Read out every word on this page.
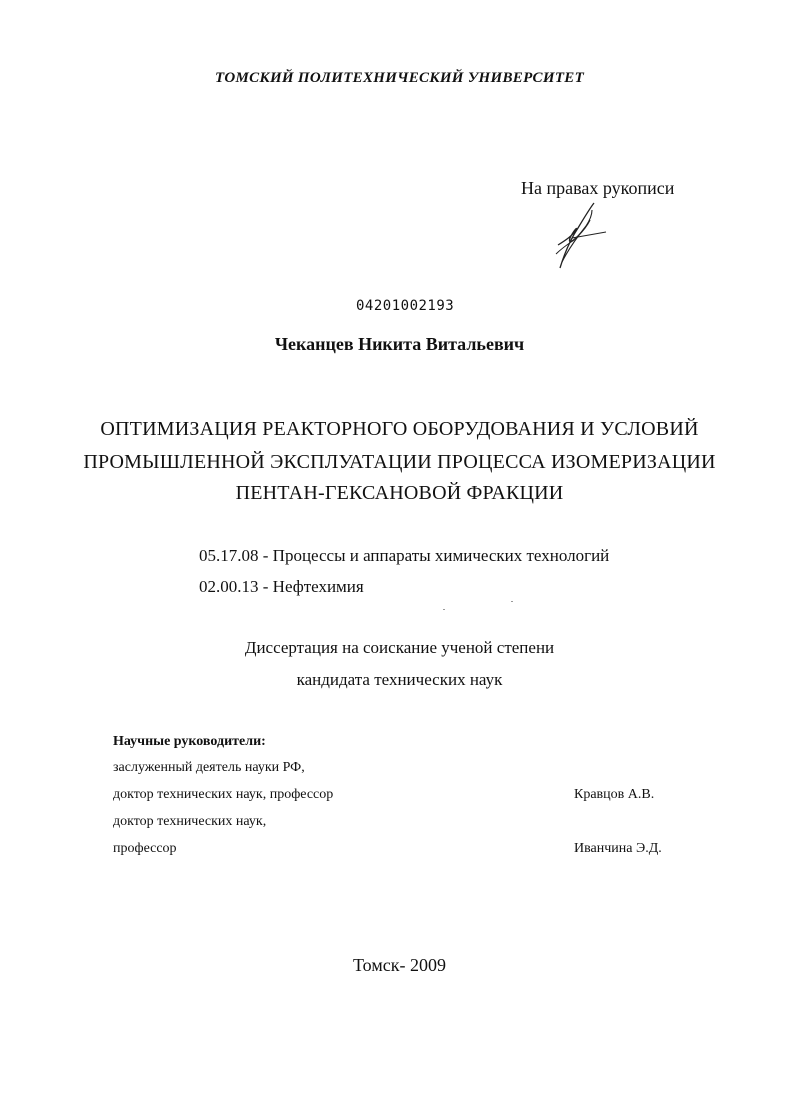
ТОМСКИЙ ПОЛИТЕХНИЧЕСКИЙ УНИВЕРСИТЕТ
На правах рукописи
04201002193
Чеканцев Никита Витальевич
ОПТИМИЗАЦИЯ РЕАКТОРНОГО ОБОРУДОВАНИЯ И УСЛОВИЙ
ПРОМЫШЛЕННОЙ ЭКСПЛУАТАЦИИ ПРОЦЕССА ИЗОМЕРИЗАЦИИ
ПЕНТАН-ГЕКСАНОВОЙ ФРАКЦИИ
05.17.08 - Процессы и аппараты химических технологий
02.00.13 - Нефтехимия
Диссертация на соискание ученой степени
кандидата технических наук
Научные руководители:
заслуженный деятель науки РФ,
доктор технических наук, профессор
доктор технических наук,
профессор
Кравцов А.В.
Иванчина Э.Д.
Томск- 2009
